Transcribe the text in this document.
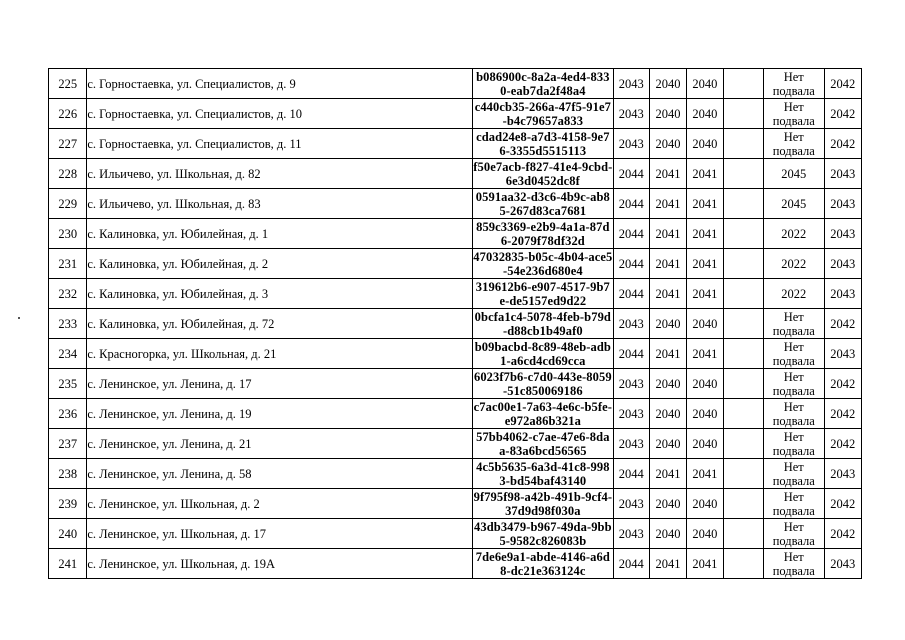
225	с. Горностаевка, ул. Специалистов, д. 9	b086900c-8a2a-4ed4-8330-eab7da2f48a4	2043	2040	2040		Нет подвала	2042
226	с. Горностаевка, ул. Специалистов, д. 10	c440cb35-266a-47f5-91e7-b4c79657a833	2043	2040	2040		Нет подвала	2042
227	с. Горностаевка, ул. Специалистов, д. 11	cdad24e8-a7d3-4158-9e76-3355d5515113	2043	2040	2040		Нет подвала	2042
228	с. Ильичево, ул. Школьная, д. 82	f50e7acb-f827-41e4-9cbd-6e3d0452dc8f	2044	2041	2041		2045	2043
229	с. Ильичево, ул. Школьная, д. 83	0591aa32-d3c6-4b9c-ab85-267d83ca7681	2044	2041	2041		2045	2043
230	с. Калиновка, ул. Юбилейная, д. 1	859c3369-e2b9-4a1a-87d6-2079f78df32d	2044	2041	2041		2022	2043
231	с. Калиновка, ул. Юбилейная, д. 2	47032835-b05c-4b04-ace5-54e236d680e4	2044	2041	2041		2022	2043
232	с. Калиновка, ул. Юбилейная, д. 3	319612b6-e907-4517-9b7e-de5157ed9d22	2044	2041	2041		2022	2043
233	с. Калиновка, ул. Юбилейная, д. 72	0bcfa1c4-5078-4feb-b79d-d88cb1b49af0	2043	2040	2040		Нет подвала	2042
234	с. Красногорка, ул. Школьная, д. 21	b09bacbd-8c89-48eb-adb1-a6cd4cd69cca	2044	2041	2041		Нет подвала	2043
235	с. Ленинское, ул. Ленина, д. 17	6023f7b6-c7d0-443e-8059-51c850069186	2043	2040	2040		Нет подвала	2042
236	с. Ленинское, ул. Ленина, д. 19	c7ac00e1-7a63-4e6c-b5fe-e972a86b321a	2043	2040	2040		Нет подвала	2042
237	с. Ленинское, ул. Ленина, д. 21	57bb4062-c7ae-47e6-8daa-83a6bcd56565	2043	2040	2040		Нет подвала	2042
238	с. Ленинское, ул. Ленина, д. 58	4c5b5635-6a3d-41c8-9983-bd54baf43140	2044	2041	2041		Нет подвала	2043
239	с. Ленинское, ул. Школьная, д. 2	9f795f98-a42b-491b-9cf4-37d9d98f030a	2043	2040	2040		Нет подвала	2042
240	с. Ленинское, ул. Школьная, д. 17	43db3479-b967-49da-9bb5-9582c826083b	2043	2040	2040		Нет подвала	2042
241	с. Ленинское, ул. Школьная, д. 19А	7de6e9a1-abde-4146-a6d8-dc21e363124c	2044	2041	2041		Нет подвала	2043
